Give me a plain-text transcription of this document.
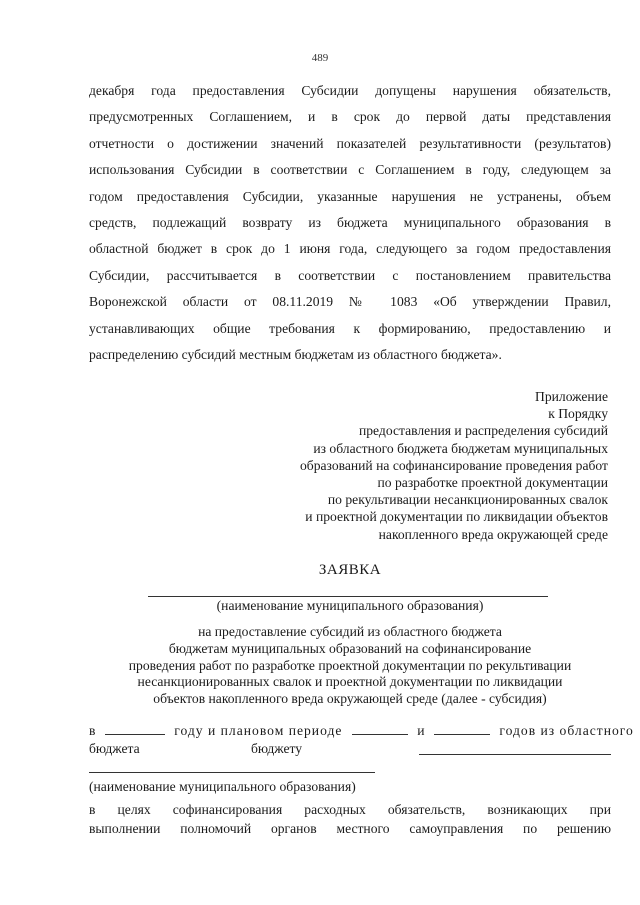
489
декабря года предоставления Субсидии допущены нарушения обязательств,
предусмотренных Соглашением, и в срок до первой даты представления
отчетности о достижении значений показателей результативности (результатов)
использования Субсидии в соответствии с Соглашением в году, следующем за
годом предоставления Субсидии, указанные нарушения не устранены, объем
средств, подлежащий возврату из бюджета муниципального образования в
областной бюджет в срок до 1 июня года, следующего за годом предоставления
Субсидии, рассчитывается в соответствии с постановлением правительства
Воронежской области от 08.11.2019 № 1083 «Об утверждении Правил,
устанавливающих общие требования к формированию, предоставлению и
распределению субсидий местным бюджетам из областного бюджета».
Приложение
к Порядку
предоставления и распределения субсидий
из областного бюджета бюджетам муниципальных
образований на софинансирование проведения работ
по разработке проектной документации
по рекультивации несанкционированных свалок
и проектной документации по ликвидации объектов
накопленного вреда окружающей среде
ЗАЯВКА
(наименование муниципального образования)
на предоставление субсидий из областного бюджета
бюджетам муниципальных образований на софинансирование
проведения работ по разработке проектной документации по рекультивации
несанкционированных свалок и проектной документации по ликвидации
объектов накопленного вреда окружающей среде (далее - субсидия)
в	году и плановом периоде	и	годов из областного
бюджета	бюджету
(наименование муниципального образования)
в целях софинансирования расходных обязательств, возникающих при
выполнении полномочий органов местного самоуправления по решению
